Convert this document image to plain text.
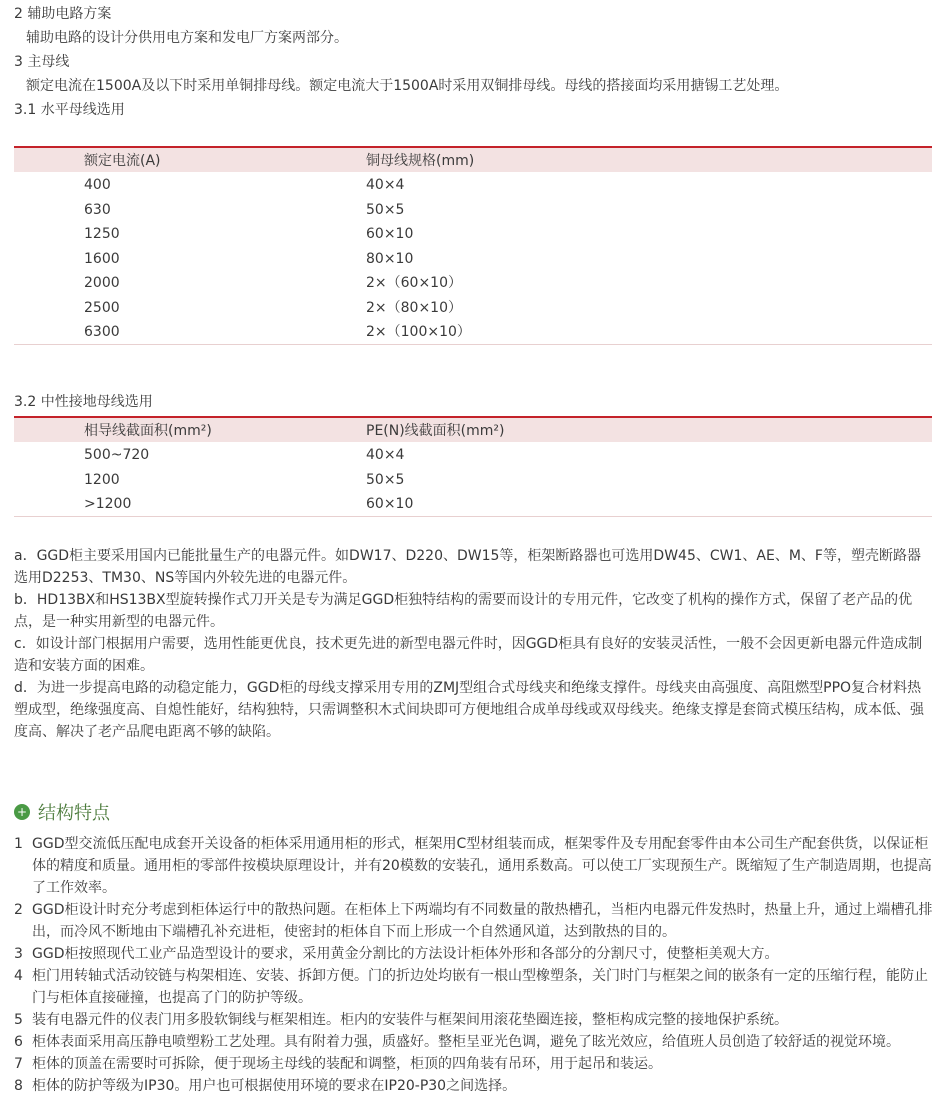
2 辅助电路方案
辅助电路的设计分供用电方案和发电厂方案两部分。
3 主母线
额定电流在1500A及以下时采用单铜排母线。额定电流大于1500A时采用双铜排母线。母线的搭接面均采用搪锡工艺处理。
3.1 水平母线选用
额定电流(A)	铜母线规格(mm)
400	40×4
630	50×5
1250	60×10
1600	80×10
2000	2×（60×10）
2500	2×（80×10）
6300	2×（100×10）
3.2 中性接地母线选用
相导线截面积(mm²)	PE(N)线截面积(mm²)
500~720	40×4
1200	50×5
>1200	60×10
a．GGD柜主要采用国内已能批量生产的电器元件。如DW17、D220、DW15等，柜架断路器也可选用DW45、CW1、AE、M、F等，塑壳断路器选用D2253、TM30、NS等国内外较先进的电器元件。
b．HD13BX和HS13BX型旋转操作式刀开关是专为满足GGD柜独特结构的需要而设计的专用元件，它改变了机构的操作方式，保留了老产品的优点，是一种实用新型的电器元件。
c．如设计部门根据用户需要，选用性能更优良，技术更先进的新型电器元件时，因GGD柜具有良好的安装灵活性，一般不会因更新电器元件造成制造和安装方面的困难。
d．为进一步提高电路的动稳定能力，GGD柜的母线支撑采用专用的ZMJ型组合式母线夹和绝缘支撑件。母线夹由高强度、高阻燃型PPO复合材料热塑成型，绝缘强度高、自熄性能好，结构独特，只需调整积木式间块即可方便地组合成单母线或双母线夹。绝缘支撑是套筒式模压结构，成本低、强度高、解决了老产品爬电距离不够的缺陷。
+ 结构特点
1 GGD型交流低压配电成套开关设备的柜体采用通用柜的形式，框架用C型材组装而成，框架零件及专用配套零件由本公司生产配套供货，以保证柜体的精度和质量。通用柜的零部件按模块原理设计，并有20模数的安装孔，通用系数高。可以使工厂实现预生产。既缩短了生产制造周期，也提高了工作效率。
2 GGD柜设计时充分考虑到柜体运行中的散热问题。在柜体上下两端均有不同数量的散热槽孔，当柜内电器元件发热时，热量上升，通过上端槽孔排出，而冷风不断地由下端槽孔补充进柜，使密封的柜体自下而上形成一个自然通风道，达到散热的目的。
3 GGD柜按照现代工业产品造型设计的要求，采用黄金分割比的方法设计柜体外形和各部分的分割尺寸，使整柜美观大方。
4 柜门用转轴式活动铰链与构架相连、安装、拆卸方便。门的折边处均嵌有一根山型橡塑条，关门时门与框架之间的嵌条有一定的压缩行程，能防止门与柜体直接碰撞，也提高了门的防护等级。
5 装有电器元件的仪表门用多股软铜线与框架相连。柜内的安装件与框架间用滚花垫圈连接，整柜构成完整的接地保护系统。
6 柜体表面采用高压静电喷塑粉工艺处理。具有附着力强，质盛好。整柜呈亚光色调，避免了眩光效应，给值班人员创造了较舒适的视觉环境。
7 柜体的顶盖在需要时可拆除，便于现场主母线的装配和调整，柜顶的四角装有吊环，用于起吊和装运。
8 柜体的防护等级为IP30。用户也可根据使用环境的要求在IP20-P30之间选择。
